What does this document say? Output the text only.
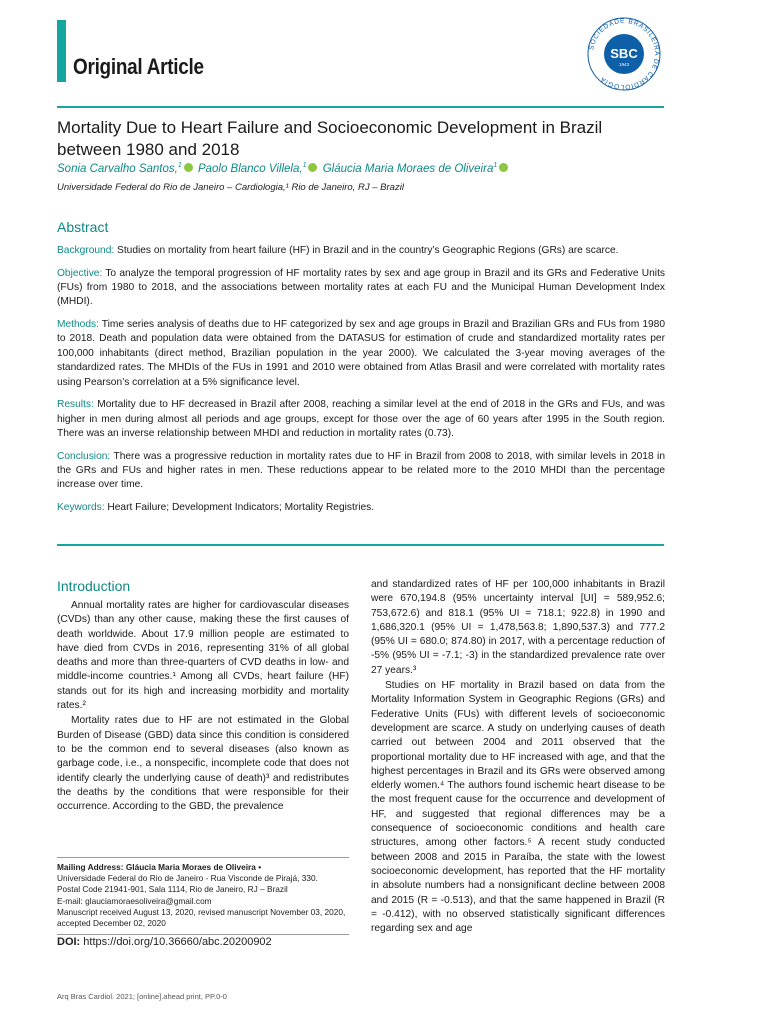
Original Article
SOCIEDADE BRASILEIRA DE CARDIOLOGIA
SBC
1943
Mortality Due to Heart Failure and Socioeconomic Development in Brazil between 1980 and 2018
Sonia Carvalho Santos,$^1$ Paolo Blanco Villela,$^1$ Gláucia Maria Moraes de Oliveira$^1$
Universidade Federal do Rio de Janeiro – Cardiologia,¹ Rio de Janeiro, RJ – Brazil
Abstract

Background: Studies on mortality from heart failure (HF) in Brazil and in the country’s Geographic Regions (GRs) are scarce.

Objective: To analyze the temporal progression of HF mortality rates by sex and age group in Brazil and its GRs and Federative Units (FUs) from 1980 to 2018, and the associations between mortality rates at each FU and the Municipal Human Development Index (MHDI).

Methods: Time series analysis of deaths due to HF categorized by sex and age groups in Brazil and Brazilian GRs and FUs from 1980 to 2018. Death and population data were obtained from the DATASUS for estimation of crude and standardized mortality rates per 100,000 inhabitants (direct method, Brazilian population in the year 2000). We calculated the 3-year moving averages of the standardized rates. The MHDIs of the FUs in 1991 and 2010 were obtained from Atlas Brasil and were correlated with mortality rates using Pearson’s correlation at a 5% significance level.

Results: Mortality due to HF decreased in Brazil after 2008, reaching a similar level at the end of 2018 in the GRs and FUs, and was higher in men during almost all periods and age groups, except for those over the age of 60 years after 1995 in the South region. There was an inverse relationship between MHDI and reduction in mortality rates (0.73).

Conclusion: There was a progressive reduction in mortality rates due to HF in Brazil from 2008 to 2018, with similar levels in 2018 in the GRs and FUs and higher rates in men. These reductions appear to be related more to the 2010 MHDI than the percentage increase over time.

Keywords: Heart Failure; Development Indicators; Mortality Registries.

Introduction

Annual mortality rates are higher for cardiovascular diseases (CVDs) than any other cause, making these the first causes of death worldwide. About 17.9 million people are estimated to have died from CVDs in 2016, representing 31% of all global deaths and more than three-quarters of CVD deaths in low- and middle-income countries.¹ Among all CVDs, heart failure (HF) stands out for its high and increasing morbidity and mortality rates.²

Mortality rates due to HF are not estimated in the Global Burden of Disease (GBD) data since this condition is considered to be the common end to several diseases (also known as garbage code, i.e., a nonspecific, incomplete code that does not identify clearly the underlying cause of death)³ and redistributes the deaths by the conditions that were responsible for their occurrence. According to the GBD, the prevalence

and standardized rates of HF per 100,000 inhabitants in Brazil were 670,194.8 (95% uncertainty interval [UI] = 589,952.6; 753,672.6) and 818.1 (95% UI = 718.1; 922.8) in 1990 and 1,686,320.1 (95% UI = 1,478,563.8; 1,890,537.3) and 777.2 (95% UI = 680.0; 874.80) in 2017, with a percentage reduction of -5% (95% UI = -7.1; -3) in the standardized prevalence rate over 27 years.³

Studies on HF mortality in Brazil based on data from the Mortality Information System in Geographic Regions (GRs) and Federative Units (FUs) with different levels of socioeconomic development are scarce. A study on underlying causes of death carried out between 2004 and 2011 observed that the proportional mortality due to HF increased with age, and that the highest percentages in Brazil and its GRs were observed among elderly women.⁴ The authors found ischemic heart disease to be the most frequent cause for the occurrence and development of HF, and suggested that regional differences may be a consequence of socioeconomic conditions and health care structures, among other factors.⁵ A recent study conducted between 2008 and 2015 in Paraíba, the state with the lowest socioeconomic development, has reported that the HF mortality in absolute numbers had a nonsignificant decline between 2008 and 2015 (R = -0.513), and that the same happened in Brazil (R = -0.412), with no observed statistically significant differences regarding sex and age

Mailing Address: Gláucia Maria Moraes de Oliveira •
Universidade Federal do Rio de Janeiro - Rua Visconde de Pirajá, 330.
Postal Code 21941-901, Sala 1114, Rio de Janeiro, RJ – Brazil
E-mail: glauciamoraesoliveira@gmail.com
Manuscript received August 13, 2020, revised manuscript November 03, 2020, accepted December 02, 2020
DOI: https://doi.org/10.36660/abc.20200902
Arq Bras Cardiol. 2021; [online].ahead print, PP.0-0
